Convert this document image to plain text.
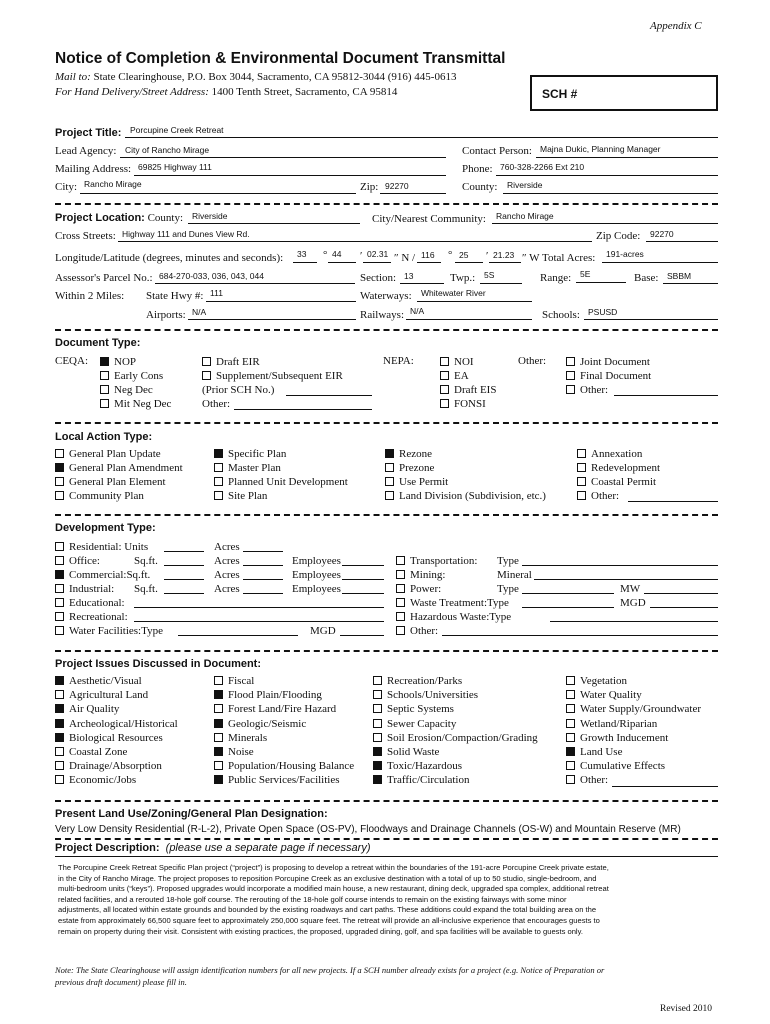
Appendix C
Notice of Completion & Environmental Document Transmittal
Mail to: State Clearinghouse, P.O. Box 3044, Sacramento, CA 95812-3044 (916) 445-0613
For Hand Delivery/Street Address: 1400 Tenth Street, Sacramento, CA 95814	SCH #
Project Title: Porcupine Creek Retreat
Lead Agency: City of Rancho Mirage	Contact Person: Majna Dukic, Planning Manager
Mailing Address: 69825 Highway 111	Phone: 760-328-2266 Ext 210
City: Rancho Mirage	Zip: 92270	County: Riverside
Project Location: County: Riverside	City/Nearest Community: Rancho Mirage
Cross Streets: Highway 111 and Dunes View Rd.	Zip Code: 92270
Longitude/Latitude (degrees, minutes and seconds): 33 ° 44 ′ 02.31 ″ N / 116 ° 25 ′ 21.23 ″ W Total Acres: 191-acres
Assessor's Parcel No.: 684-270-033, 036, 043, 044	Section: 13	Twp.: 5S	Range: 5E	Base: SBBM
Within 2 Miles: State Hwy #: 111	Waterways: Whitewater River
Airports: N/A	Railways: N/A	Schools: PSUSD
Document Type:
CEQA:	NOP
Early Cons
Neg Dec
Mit Neg Dec
Draft EIR
Supplement/Subsequent EIR
(Prior SCH No.)
Other:
NEPA:	NOI
EA
Draft EIS
FONSI
Other:	Joint Document
Final Document
Other:
Local Action Type:
General Plan Update
General Plan Amendment
General Plan Element
Community Plan
Specific Plan
Master Plan
Planned Unit Development
Site Plan
Rezone
Prezone
Use Permit
Land Division (Subdivision, etc.)
Annexation
Redevelopment
Coastal Permit
Other:
Development Type:
Residential: Units	Acres
Office:	Sq.ft.	Acres	Employees
Commercial:Sq.ft.	Acres	Employees
Industrial: Sq.ft.	Acres	Employees
Educational:
Recreational:
Water Facilities:Type	MGD
Transportation: Type
Mining:	Mineral
Power:	Type	MW
Waste Treatment:Type	MGD
Hazardous Waste:Type
Other:
Project Issues Discussed in Document:
Aesthetic/Visual
Agricultural Land
Air Quality
Archeological/Historical
Biological Resources
Coastal Zone
Drainage/Absorption
Economic/Jobs
Fiscal
Flood Plain/Flooding
Forest Land/Fire Hazard
Geologic/Seismic
Minerals
Noise
Population/Housing Balance
Public Services/Facilities
Recreation/Parks
Schools/Universities
Septic Systems
Sewer Capacity
Soil Erosion/Compaction/Grading
Solid Waste
Toxic/Hazardous
Traffic/Circulation
Vegetation
Water Quality
Water Supply/Groundwater
Wetland/Riparian
Growth Inducement
Land Use
Cumulative Effects
Other:
Present Land Use/Zoning/General Plan Designation:
Very Low Density Residential (R-L-2), Private Open Space (OS-PV), Floodways and Drainage Channels (OS-W) and Mountain Reserve (MR)
Project Description: (please use a separate page if necessary)
The Porcupine Creek Retreat Specific Plan project (“project”) is proposing to develop a retreat within the boundaries of the 191-acre Porcupine Creek private estate,
in the City of Rancho Mirage. The project proposes to reposition Porcupine Creek as an exclusive destination with a total of up to 50 studio, single-bedroom, and
multi-bedroom units (“keys”). Proposed upgrades would incorporate a modified main house, a new restaurant, dining deck, upgraded spa complex, additional retreat
related facilities, and a rerouted 18-hole golf course. The rerouting of the 18-hole golf course intends to remain on the existing fairways with some minor
adjustments, all located within estate grounds and bounded by the existing roadways and cart paths. These additions could expand the total building area on the
estate from approximately 66,500 square feet to approximately 250,000 square feet. The retreat will provide an all-inclusive experience that encourages guests to
remain on property during their visit. Consistent with existing practices, the proposed, upgraded dining, golf, and spa facilities will be available to guests only.
Note: The State Clearinghouse will assign identification numbers for all new projects. If a SCH number already exists for a project (e.g. Notice of Preparation or
previous draft document) please fill in.
Revised 2010
